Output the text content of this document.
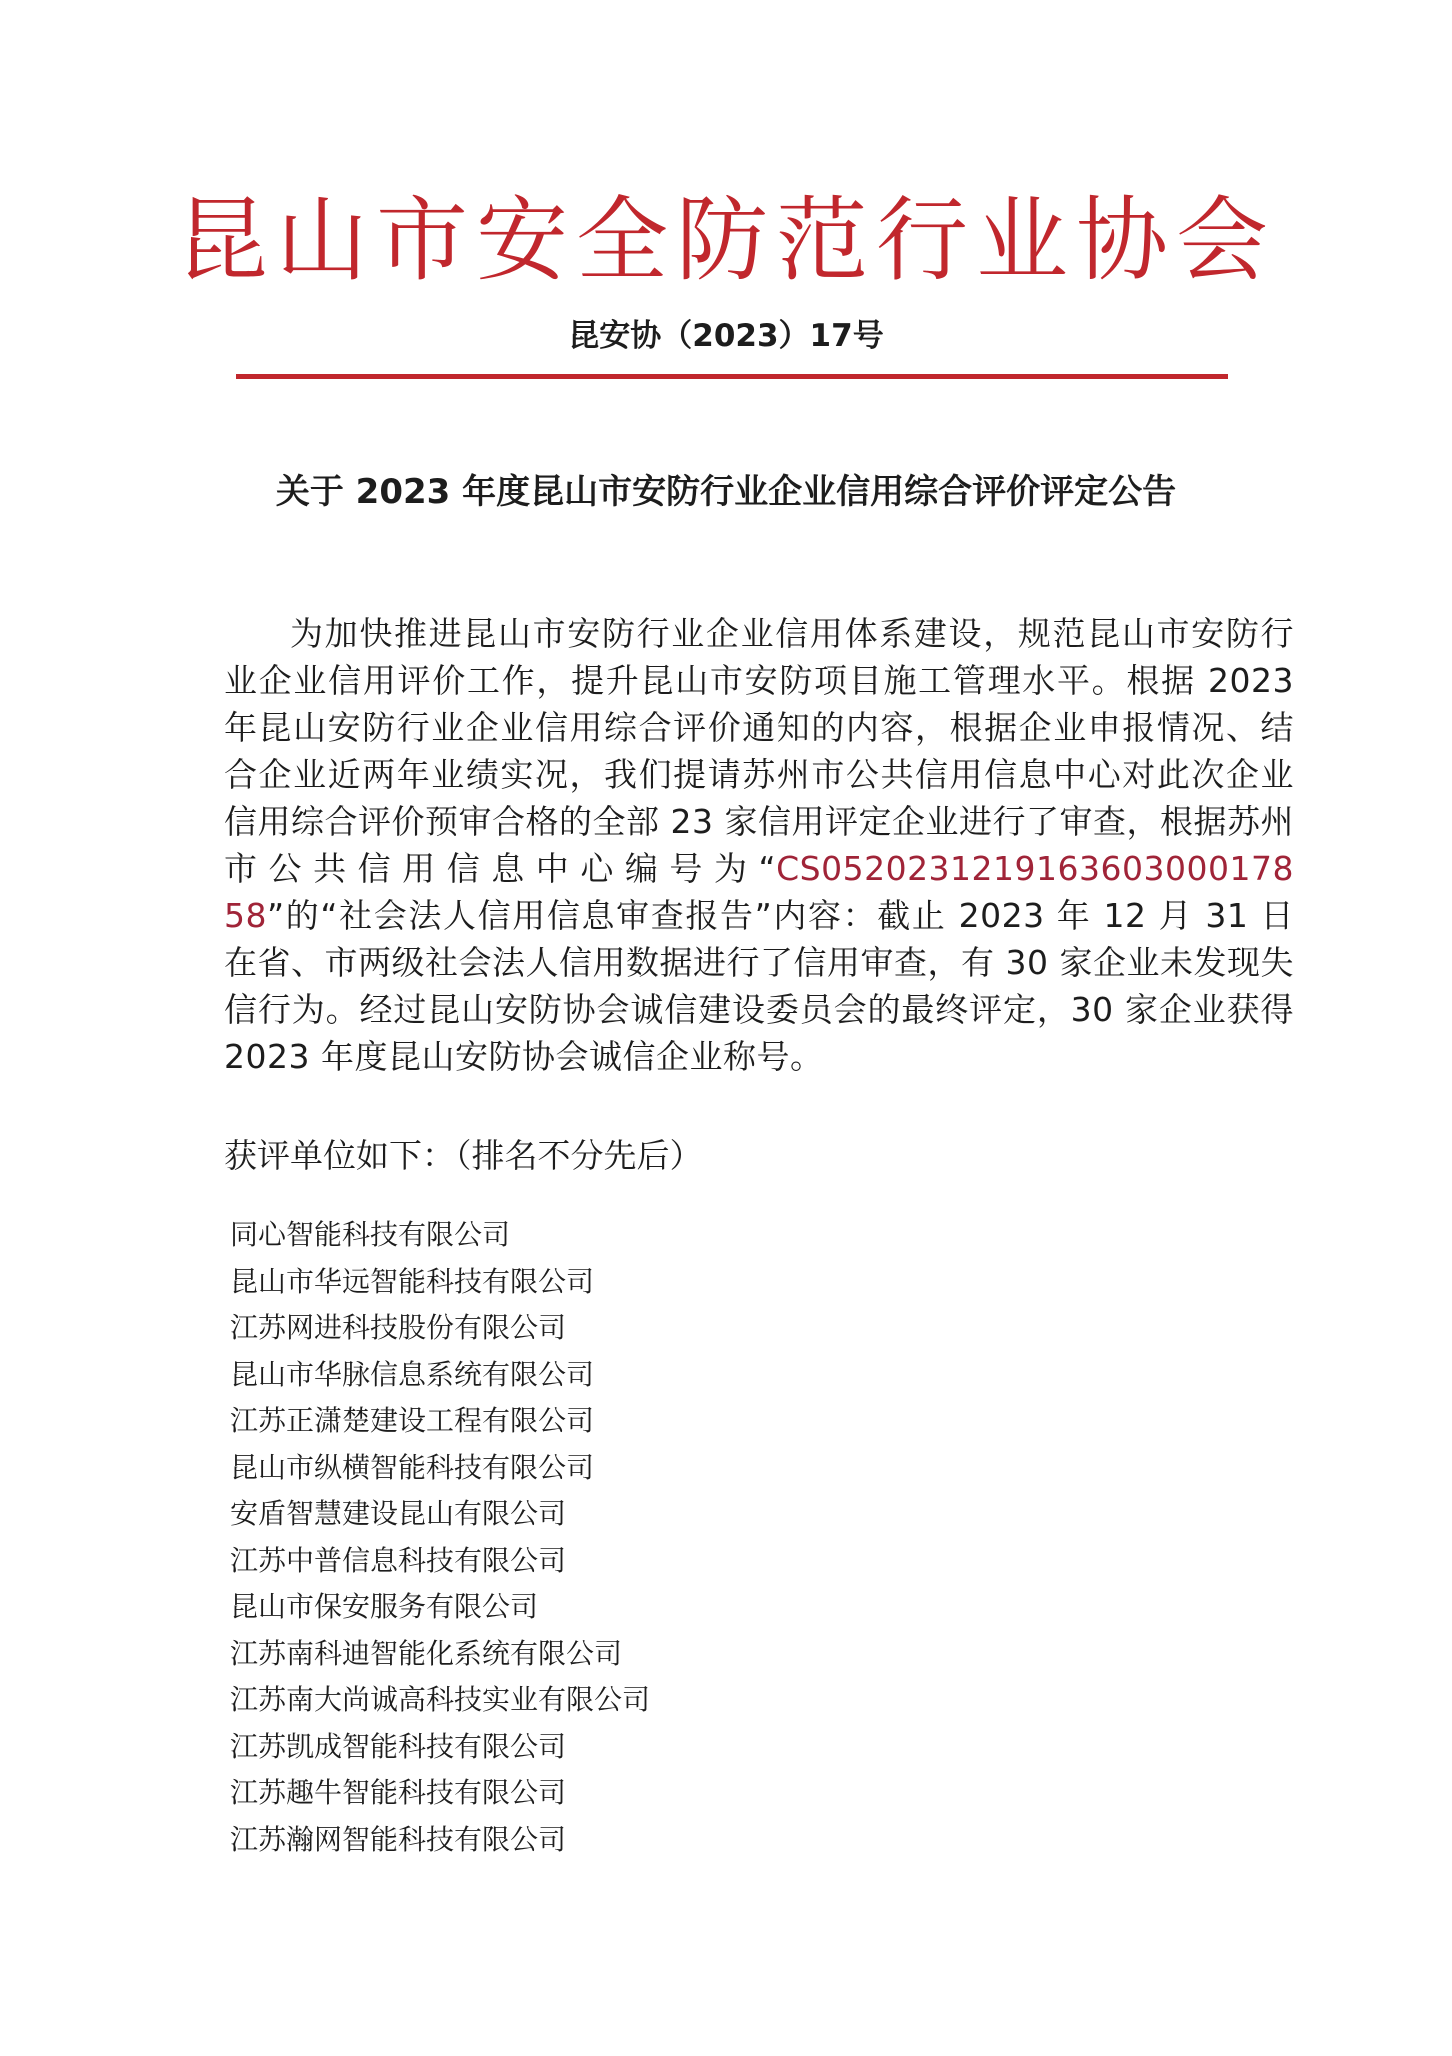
昆山市安全防范行业协会
昆安协（2023）17号
关于 2023 年度昆山市安防行业企业信用综合评价评定公告
为加快推进昆山市安防行业企业信用体系建设，规范昆山市安防行业企业信用评价工作，提升昆山市安防项目施工管理水平。根据 2023 年昆山安防行业企业信用综合评价通知的内容，根据企业申报情况、结合企业近两年业绩实况，我们提请苏州市公共信用信息中心对此次企业信用综合评价预审合格的全部 23 家信用评定企业进行了审查，根据苏州市公共信用信息中心编号为“CS0520231219163603000178 58”的“社会法人信用信息审查报告”内容：截止 2023 年 12 月 31 日在省、市两级社会法人信用数据进行了信用审查，有 30 家企业未发现失信行为。经过昆山安防协会诚信建设委员会的最终评定，30 家企业获得 2023 年度昆山安防协会诚信企业称号。
获评单位如下：（排名不分先后）
同心智能科技有限公司
昆山市华远智能科技有限公司
江苏网进科技股份有限公司
昆山市华脉信息系统有限公司
江苏正潇楚建设工程有限公司
昆山市纵横智能科技有限公司
安盾智慧建设昆山有限公司
江苏中普信息科技有限公司
昆山市保安服务有限公司
江苏南科迪智能化系统有限公司
江苏南大尚诚高科技实业有限公司
江苏凯成智能科技有限公司
江苏趣牛智能科技有限公司
江苏瀚网智能科技有限公司
